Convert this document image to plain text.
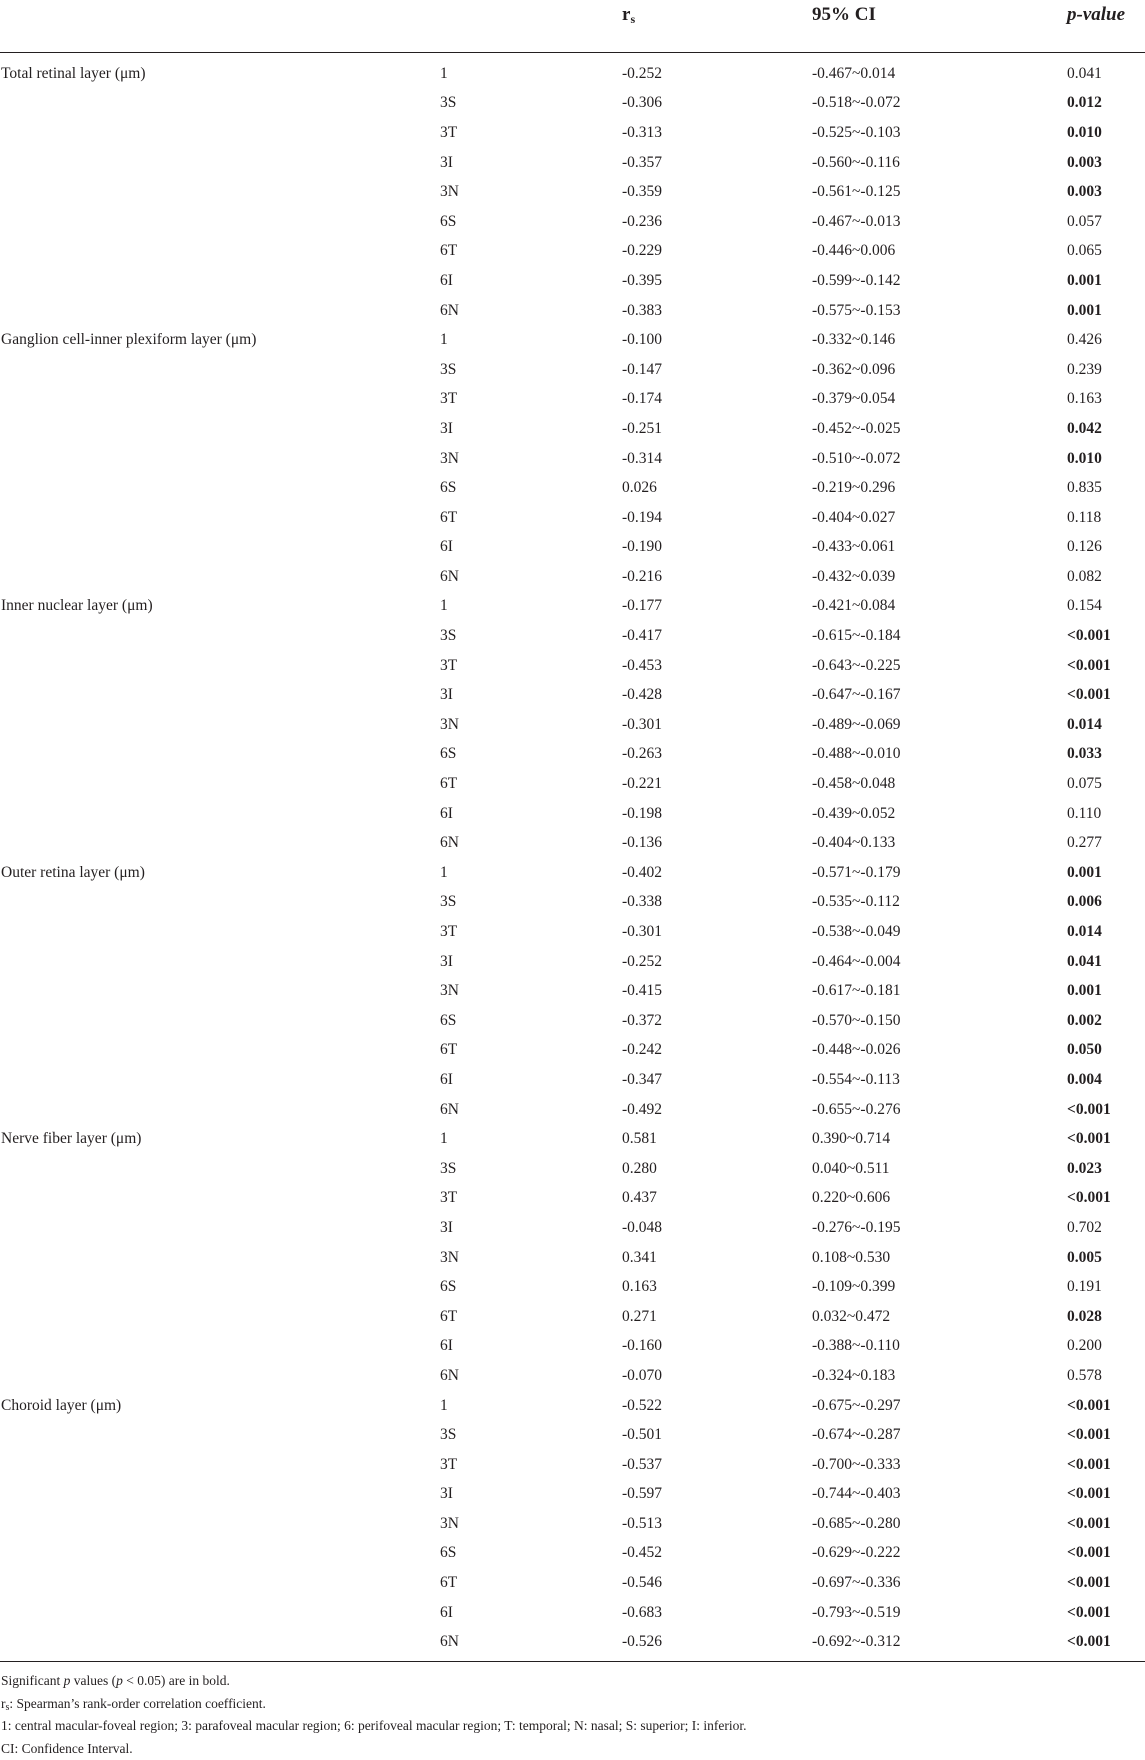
		$r_s$	95% CI	p-value
Total retinal layer (μm)	1	-0.252	-0.467~0.014	0.041
	3S	-0.306	-0.518~-0.072	0.012
	3T	-0.313	-0.525~-0.103	0.010
	3I	-0.357	-0.560~-0.116	0.003
	3N	-0.359	-0.561~-0.125	0.003
	6S	-0.236	-0.467~-0.013	0.057
	6T	-0.229	-0.446~0.006	0.065
	6I	-0.395	-0.599~-0.142	0.001
	6N	-0.383	-0.575~-0.153	0.001
Ganglion cell-inner plexiform layer (μm)	1	-0.100	-0.332~0.146	0.426
	3S	-0.147	-0.362~0.096	0.239
	3T	-0.174	-0.379~0.054	0.163
	3I	-0.251	-0.452~-0.025	0.042
	3N	-0.314	-0.510~-0.072	0.010
	6S	0.026	-0.219~0.296	0.835
	6T	-0.194	-0.404~0.027	0.118
	6I	-0.190	-0.433~0.061	0.126
	6N	-0.216	-0.432~0.039	0.082
Inner nuclear layer (μm)	1	-0.177	-0.421~0.084	0.154
	3S	-0.417	-0.615~-0.184	<0.001
	3T	-0.453	-0.643~-0.225	<0.001
	3I	-0.428	-0.647~-0.167	<0.001
	3N	-0.301	-0.489~-0.069	0.014
	6S	-0.263	-0.488~-0.010	0.033
	6T	-0.221	-0.458~0.048	0.075
	6I	-0.198	-0.439~0.052	0.110
	6N	-0.136	-0.404~0.133	0.277
Outer retina layer (μm)	1	-0.402	-0.571~-0.179	0.001
	3S	-0.338	-0.535~-0.112	0.006
	3T	-0.301	-0.538~-0.049	0.014
	3I	-0.252	-0.464~-0.004	0.041
	3N	-0.415	-0.617~-0.181	0.001
	6S	-0.372	-0.570~-0.150	0.002
	6T	-0.242	-0.448~-0.026	0.050
	6I	-0.347	-0.554~-0.113	0.004
	6N	-0.492	-0.655~-0.276	<0.001
Nerve fiber layer (μm)	1	0.581	0.390~0.714	<0.001
	3S	0.280	0.040~0.511	0.023
	3T	0.437	0.220~0.606	<0.001
	3I	-0.048	-0.276~-0.195	0.702
	3N	0.341	0.108~0.530	0.005
	6S	0.163	-0.109~0.399	0.191
	6T	0.271	0.032~0.472	0.028
	6I	-0.160	-0.388~-0.110	0.200
	6N	-0.070	-0.324~0.183	0.578
Choroid layer (μm)	1	-0.522	-0.675~-0.297	<0.001
	3S	-0.501	-0.674~-0.287	<0.001
	3T	-0.537	-0.700~-0.333	<0.001
	3I	-0.597	-0.744~-0.403	<0.001
	3N	-0.513	-0.685~-0.280	<0.001
	6S	-0.452	-0.629~-0.222	<0.001
	6T	-0.546	-0.697~-0.336	<0.001
	6I	-0.683	-0.793~-0.519	<0.001
	6N	-0.526	-0.692~-0.312	<0.001
Significant p values (p < 0.05) are in bold.
$r_s$: Spearman’s rank-order correlation coefficient.
1: central macular-foveal region; 3: parafoveal macular region; 6: perifoveal macular region; T: temporal; N: nasal; S: superior; I: inferior.
CI: Confidence Interval.
